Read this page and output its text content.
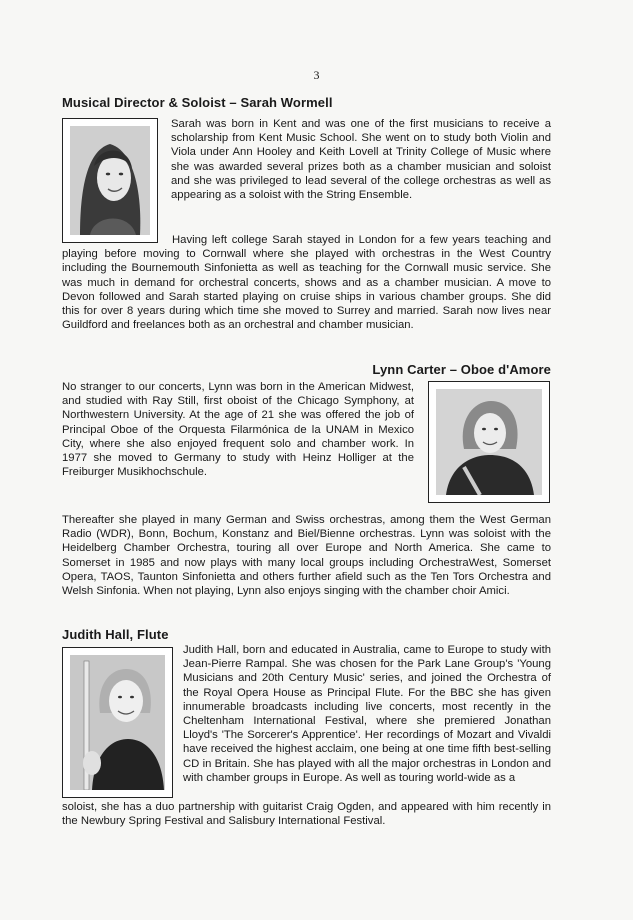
3
Musical Director & Soloist – Sarah Wormell

Sarah was born in Kent and was one of the first musicians to receive a scholarship from Kent Music School. She went on to study both Violin and Viola under Ann Hooley and Keith Lovell at Trinity College of Music where she was awarded several prizes both as a chamber musician and soloist and she was privileged to lead several of the college orchestras as well as appearing as a soloist with the String Ensemble.

Having left college Sarah stayed in London for a few years teaching and playing before moving to Cornwall where she played with orchestras in the West Country including the Bournemouth Sinfonietta as well as teaching for the Cornwall music service. She was much in demand for orchestral concerts, shows and as a chamber musician. A move to Devon followed and Sarah started playing on cruise ships in various chamber groups. She did this for over 8 years during which time she moved to Surrey and married. Sarah now lives near Guildford and freelances both as an orchestral and chamber musician.

Lynn Carter – Oboe d'Amore

No stranger to our concerts, Lynn was born in the American Midwest, and studied with Ray Still, first oboist of the Chicago Symphony, at Northwestern University. At the age of 21 she was offered the job of Principal Oboe of the Orquesta Filarmónica de la UNAM in Mexico City, where she also enjoyed frequent solo and chamber work. In 1977 she moved to Germany to study with Heinz Holliger at the Freiburger Musikhochschule.

Thereafter she played in many German and Swiss orchestras, among them the West German Radio (WDR), Bonn, Bochum, Konstanz and Biel/Bienne orchestras. Lynn was soloist with the Heidelberg Chamber Orchestra, touring all over Europe and North America. She came to Somerset in 1985 and now plays with many local groups including OrchestraWest, Somerset Opera, TAOS, Taunton Sinfonietta and others further afield such as the Ten Tors Orchestra and Welsh Sinfonia. When not playing, Lynn also enjoys singing with the chamber choir Amici.

Judith Hall, Flute

Judith Hall, born and educated in Australia, came to Europe to study with Jean-Pierre Rampal. She was chosen for the Park Lane Group's 'Young Musicians and 20th Century Music' series, and joined the Orchestra of the Royal Opera House as Principal Flute. For the BBC she has given innumerable broadcasts including live concerts, most recently in the Cheltenham International Festival, where she premiered Jonathan Lloyd's 'The Sorcerer's Apprentice'. Her recordings of Mozart and Vivaldi have received the highest acclaim, one being at one time fifth best-selling CD in Britain. She has played with all the major orchestras in London and with chamber groups in Europe. As well as touring world-wide as a

soloist, she has a duo partnership with guitarist Craig Ogden, and appeared with him recently in the Newbury Spring Festival and Salisbury International Festival.
